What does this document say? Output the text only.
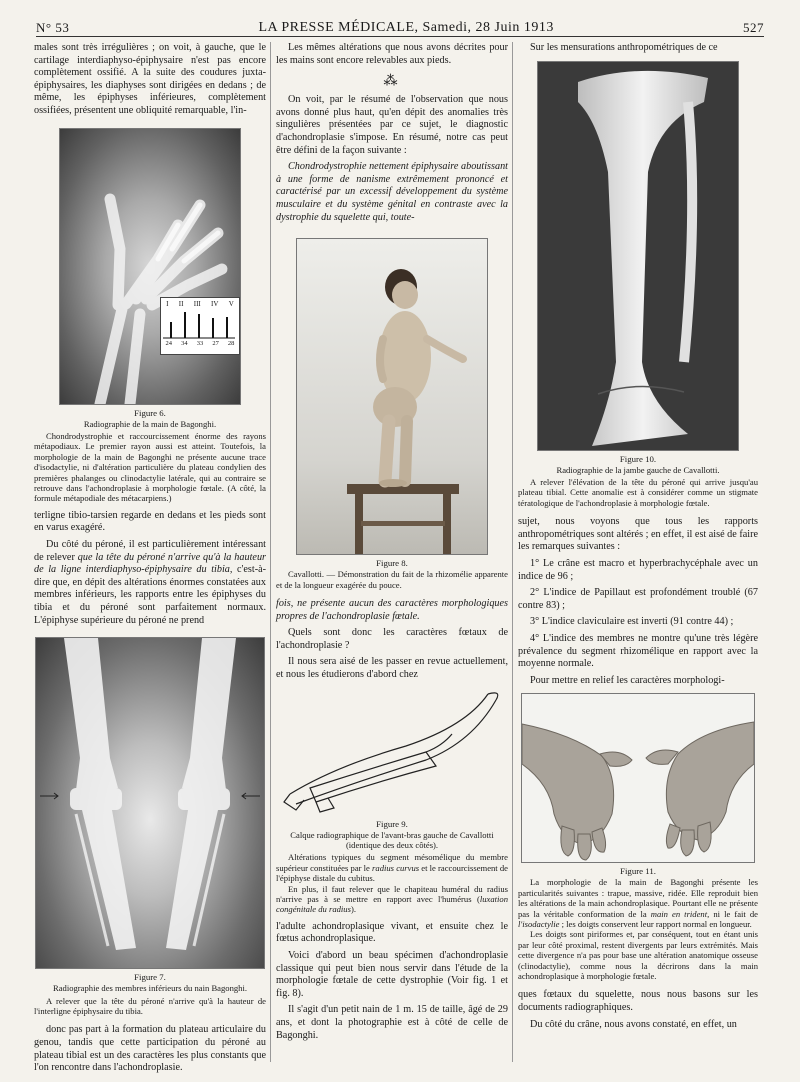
N° 53	LA PRESSE MÉDICALE, Samedi, 28 Juin 1913	527

males sont très irrégulières ; on voit, à gauche, que le cartilage interdiaphyso-épiphysaire n'est pas encore complètement ossifié. A la suite des coudures juxta-épiphysaires, les diaphyses sont dirigées en dedans ; de même, les épiphyses inférieures, complètement ossifiées, présentent une obliquité remarquable, l'in-

I II III IV V
24 34 33 27 28

Figure 6.

Radiographie de la main de Bagonghi.

Chondrodystrophie et raccourcissement énorme des rayons métapodiaux. Le premier rayon aussi est atteint. Toutefois, la morphologie de la main de Bagonghi ne présente aucune trace d'isodactylie, ni d'altération particulière du plateau condylien des premières phalanges ou clinodactylie latérale, qui au contraire se retrouve dans l'achondroplasie à morphologie fœtale. (A côté, la formule métapodiale des métacarpiens.)

terligne tibio-tarsien regarde en dedans et les pieds sont en varus exagéré.

Du côté du péroné, il est particulièrement intéressant de relever que la tête du péroné n'arrive qu'à la hauteur de la ligne interdiaphyso-épiphysaire du tibia, c'est-à-dire que, en dépit des altérations énormes constatées aux membres inférieurs, les rapports entre les épiphyses du tibia et du péroné sont parfaitement normaux. L'épiphyse supérieure du péroné ne prend

Figure 7.

Radiographie des membres inférieurs du nain Bagonghi.

A relever que la tête du péroné n'arrive qu'à la hauteur de l'interligne épiphysaire du tibia.

donc pas part à la formation du plateau articulaire du genou, tandis que cette participation du péroné au plateau tibial est un des caractères les plus constants que l'on rencontre dans l'achondroplasie.

Les mêmes altérations que nous avons décrites pour les mains sont encore relevables aux pieds.

⁂

On voit, par le résumé de l'observation que nous avons donné plus haut, qu'en dépit des anomalies très singulières présentées par ce sujet, le diagnostic d'achondroplasie s'impose. En résumé, notre cas peut être défini de la façon suivante :

Chondrodystrophie nettement épiphysaire aboutissant à une forme de nanisme extrêmement prononcé et caractérisé par un excessif développement du système musculaire et du système génital en contraste avec la dystrophie du squelette qui, toute-

Figure 8.

Cavallotti. — Démonstration du fait de la rhizomélie apparente et de la longueur exagérée du pouce.

fois, ne présente aucun des caractères morphologiques propres de l'achondroplasie fœtale.

Quels sont donc les caractères fœtaux de l'achondroplasie ?

Il nous sera aisé de les passer en revue actuellement, et nous les étudierons d'abord chez

Figure 9.

Calque radiographique de l'avant-bras gauche de Cavallotti (identique des deux côtés).

Altérations typiques du segment mésomélique du membre supérieur constituées par le radius curvus et le raccourcissement de l'épiphyse distale du cubitus.

En plus, il faut relever que le chapiteau huméral du radius n'arrive pas à se mettre en rapport avec l'humérus (luxation congénitale du radius).

l'adulte achondroplasique vivant, et ensuite chez le fœtus achondroplasique.

Voici d'abord un beau spécimen d'achondroplasie classique qui peut bien nous servir dans l'étude de la morphologie fœtale de cette dystrophie (Voir fig. 1 et fig. 8).

Il s'agit d'un petit nain de 1 m. 15 de taille, âgé de 29 ans, et dont la photographie est à côté de celle de Bagonghi.

Sur les mensurations anthropométriques de ce

Figure 10.

Radiographie de la jambe gauche de Cavallotti.

A relever l'élévation de la tête du péroné qui arrive jusqu'au plateau tibial. Cette anomalie est à considérer comme un stigmate tératologique de l'achondroplasie à morphologie fœtale.

sujet, nous voyons que tous les rapports anthropométriques sont altérés ; en effet, il est aisé de faire les remarques suivantes :

1° Le crâne est macro et hyperbrachycéphale avec un indice de 96 ;

2° L'indice de Papillaut est profondément troublé (67 contre 83) ;

3° L'indice claviculaire est inverti (91 contre 44) ;

4° L'indice des membres ne montre qu'une très légère prévalence du segment rhizomélique en rapport avec la moyenne normale.

Pour mettre en relief les caractères morphologi-

Figure 11.

La morphologie de la main de Bagonghi présente les particularités suivantes : trapue, massive, ridée. Elle reproduit bien les altérations de la main achondroplasique. Pourtant elle ne présente pas la véritable conformation de la main en trident, ni le fait de l'isodactylie ; les doigts conservent leur rapport normal en longueur.

Les doigts sont piriformes et, par conséquent, tout en étant unis par leur côté proximal, restent divergents par leurs extrémités. Mais cette divergence n'a pas pour base une altération anatomique osseuse (clinodactylie), comme nous la décrirons dans la main achondroplasique à morphologie fœtale.

ques fœtaux du squelette, nous nous basons sur les documents radiographiques.

Du côté du crâne, nous avons constaté, en effet, un
